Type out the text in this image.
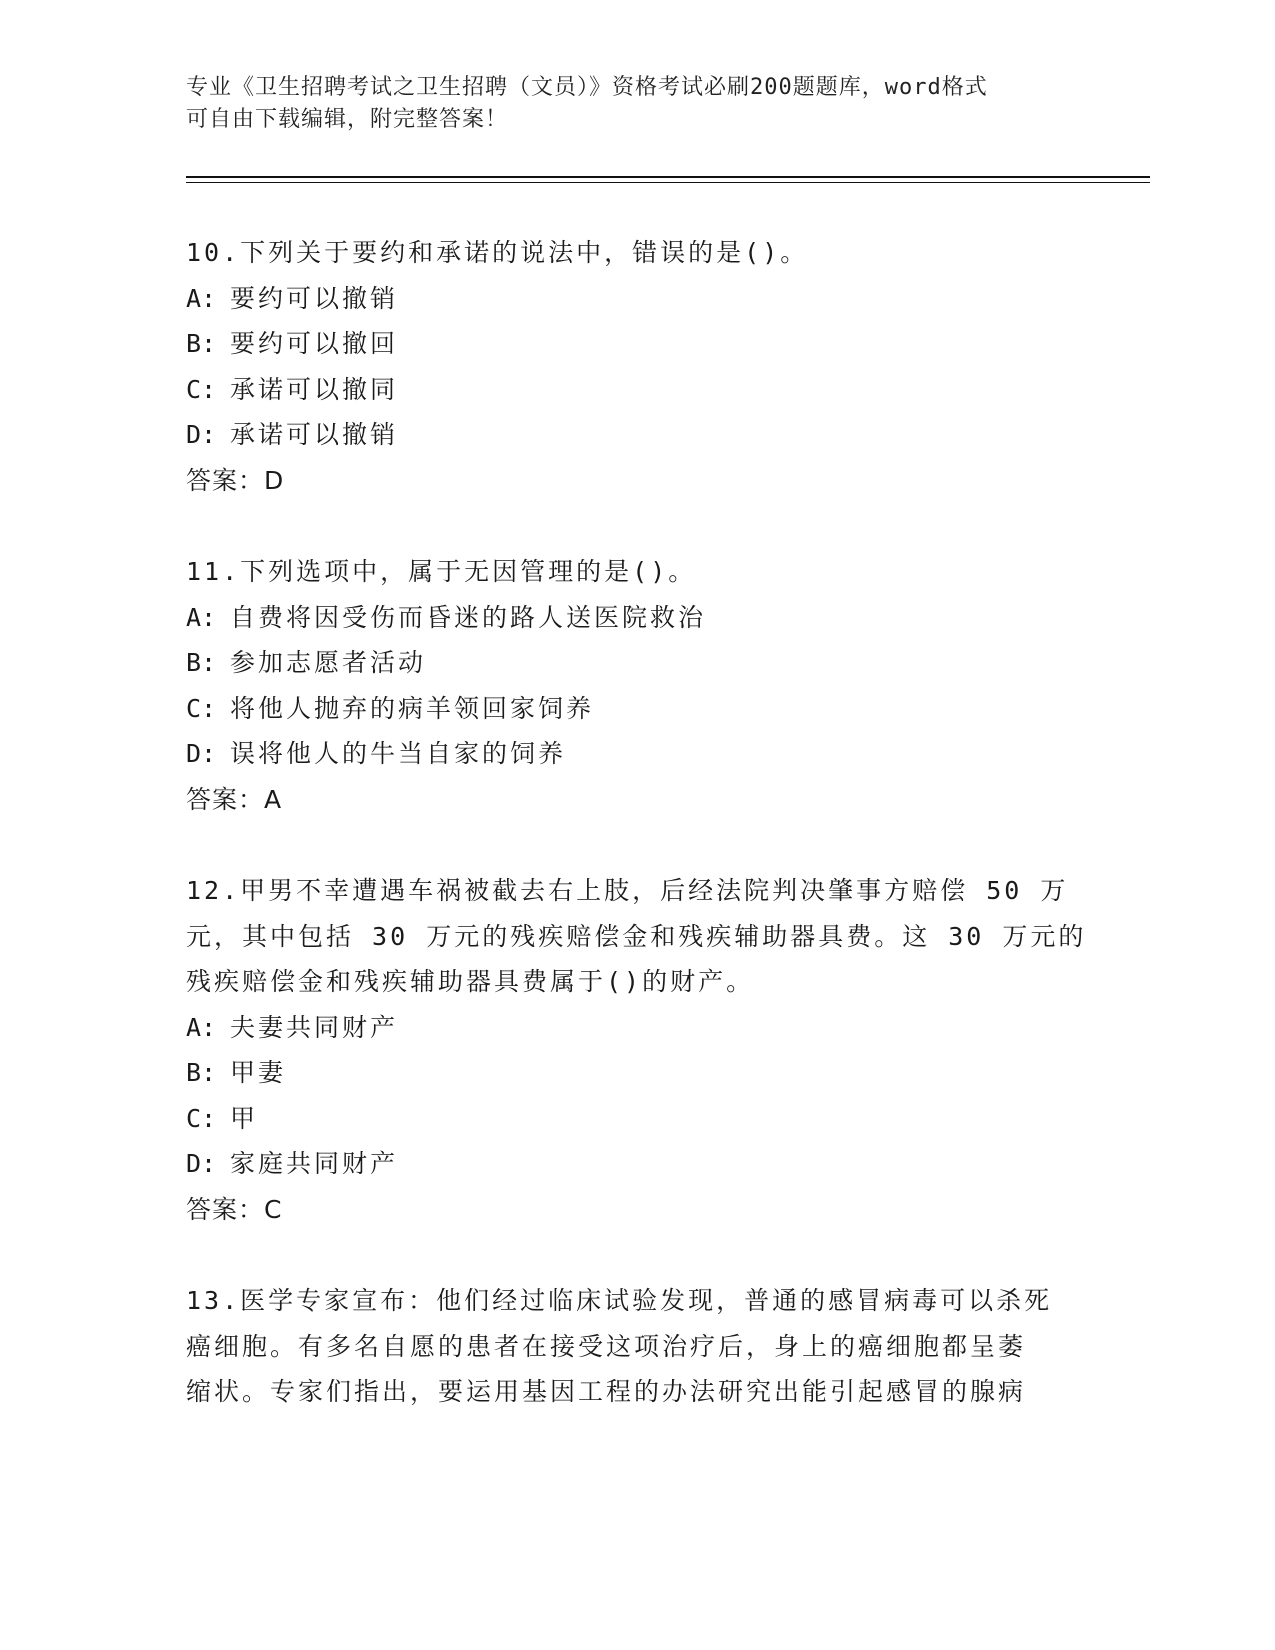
专业《卫生招聘考试之卫生招聘（文员）》资格考试必刷200题题库，word格式
可自由下载编辑，附完整答案！
10.下列关于要约和承诺的说法中，错误的是()。
A: 要约可以撤销
B: 要约可以撤回
C: 承诺可以撤同
D: 承诺可以撤销
答案：D
11.下列选项中，属于无因管理的是()。
A: 自费将因受伤而昏迷的路人送医院救治
B: 参加志愿者活动
C: 将他人抛弃的病羊领回家饲养
D: 误将他人的牛当自家的饲养
答案：A
12.甲男不幸遭遇车祸被截去右上肢，后经法院判决肇事方赔偿 50 万
元，其中包括 30 万元的残疾赔偿金和残疾辅助器具费。这 30 万元的
残疾赔偿金和残疾辅助器具费属于()的财产。
A: 夫妻共同财产
B: 甲妻
C: 甲
D: 家庭共同财产
答案：C
13.医学专家宣布：他们经过临床试验发现，普通的感冒病毒可以杀死
癌细胞。有多名自愿的患者在接受这项治疗后，身上的癌细胞都呈萎
缩状。专家们指出，要运用基因工程的办法研究出能引起感冒的腺病
